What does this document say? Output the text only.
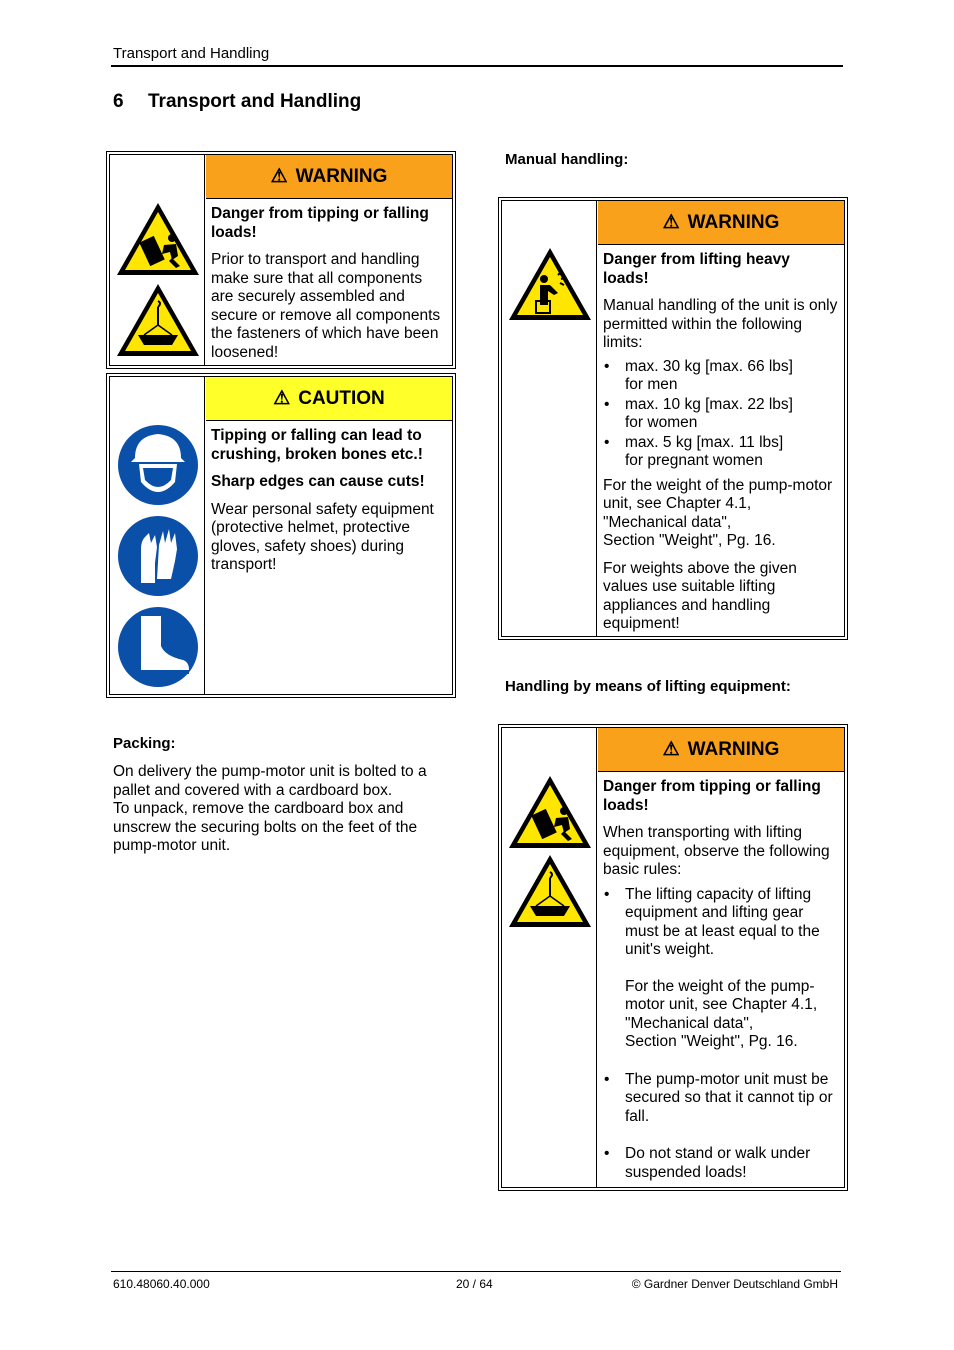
Transport and Handling
6 Transport and Handling
⚠ WARNING
Danger from tipping or falling loads!

Prior to transport and handling make sure that all components are securely assembled and secure or remove all components the fasteners of which have been loosened!

⚠ CAUTION
Tipping or falling can lead to crushing, broken bones etc.!
Sharp edges can cause cuts!

Wear personal safety equipment (protective helmet, protective gloves, safety shoes) during transport!

Packing:
On delivery the pump-motor unit is bolted to a pallet and covered with a cardboard box.
To unpack, remove the cardboard box and unscrew the securing bolts on the feet of the pump-motor unit.
Manual handling:
⚠ WARNING
Danger from lifting heavy loads!

Manual handling of the unit is only permitted within the following limits:

• max. 30 kg [max. 66 lbs]
for men
• max. 10 kg [max. 22 lbs]
for women
• max. 5 kg [max. 11 lbs]
for pregnant women

For the weight of the pump-motor unit, see Chapter 4.1, "Mechanical data",
Section "Weight", Pg. 16.

For weights above the given values use suitable lifting appliances and handling equipment!

Handling by means of lifting equipment:
⚠ WARNING
Danger from tipping or falling loads!

When transporting with lifting equipment, observe the following basic rules:

• The lifting capacity of lifting equipment and lifting gear must be at least equal to the unit's weight.
For the weight of the pump-motor unit, see Chapter 4.1, "Mechanical data",
Section "Weight", Pg. 16.
• The pump-motor unit must be secured so that it cannot tip or fall.
• Do not stand or walk under suspended loads!
610.48060.40.000	20 / 64	© Gardner Denver Deutschland GmbH
